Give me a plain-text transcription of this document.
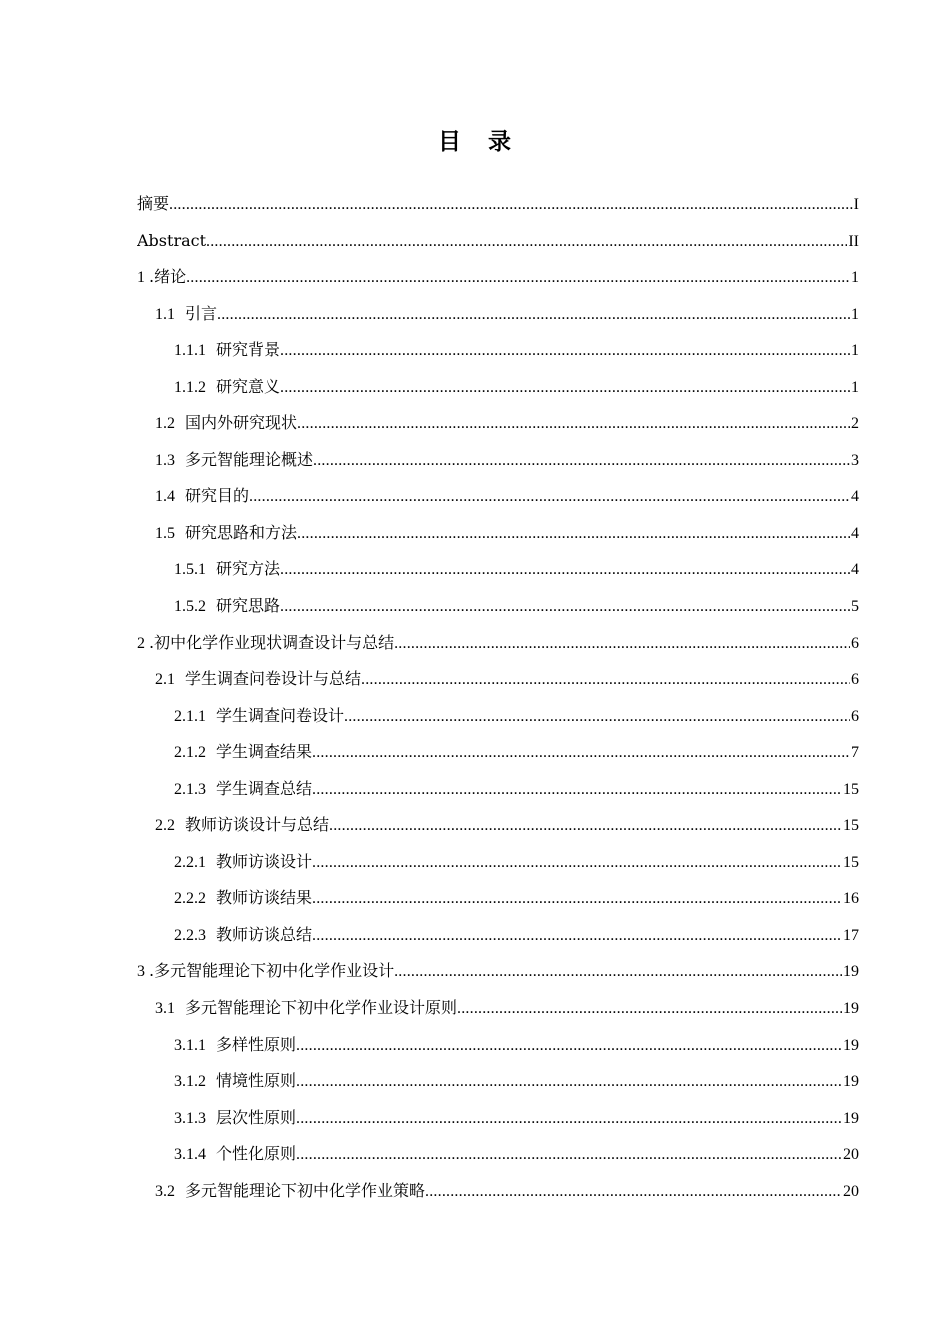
目 录
摘要 .....	I
Abstract .....	II
1 .绪论 .....	1
1.1 引言 .....	1
1.1.1 研究背景 .....	1
1.1.2 研究意义 .....	1
1.2 国内外研究现状 .....	2
1.3 多元智能理论概述 .....	3
1.4 研究目的 .....	4
1.5 研究思路和方法 .....	4
1.5.1 研究方法 .....	4
1.5.2 研究思路 .....	5
2 .初中化学作业现状调查设计与总结 .....	6
2.1 学生调查问卷设计与总结 .....	6
2.1.1 学生调查问卷设计 .....	6
2.1.2 学生调查结果 .....	7
2.1.3 学生调查总结 .....	15
2.2 教师访谈设计与总结 .....	15
2.2.1 教师访谈设计 .....	15
2.2.2 教师访谈结果 .....	16
2.2.3 教师访谈总结 .....	17
3 .多元智能理论下初中化学作业设计 .....	19
3.1 多元智能理论下初中化学作业设计原则 .....	19
3.1.1 多样性原则 .....	19
3.1.2 情境性原则 .....	19
3.1.3 层次性原则 .....	19
3.1.4 个性化原则 .....	20
3.2 多元智能理论下初中化学作业策略 .....	20
